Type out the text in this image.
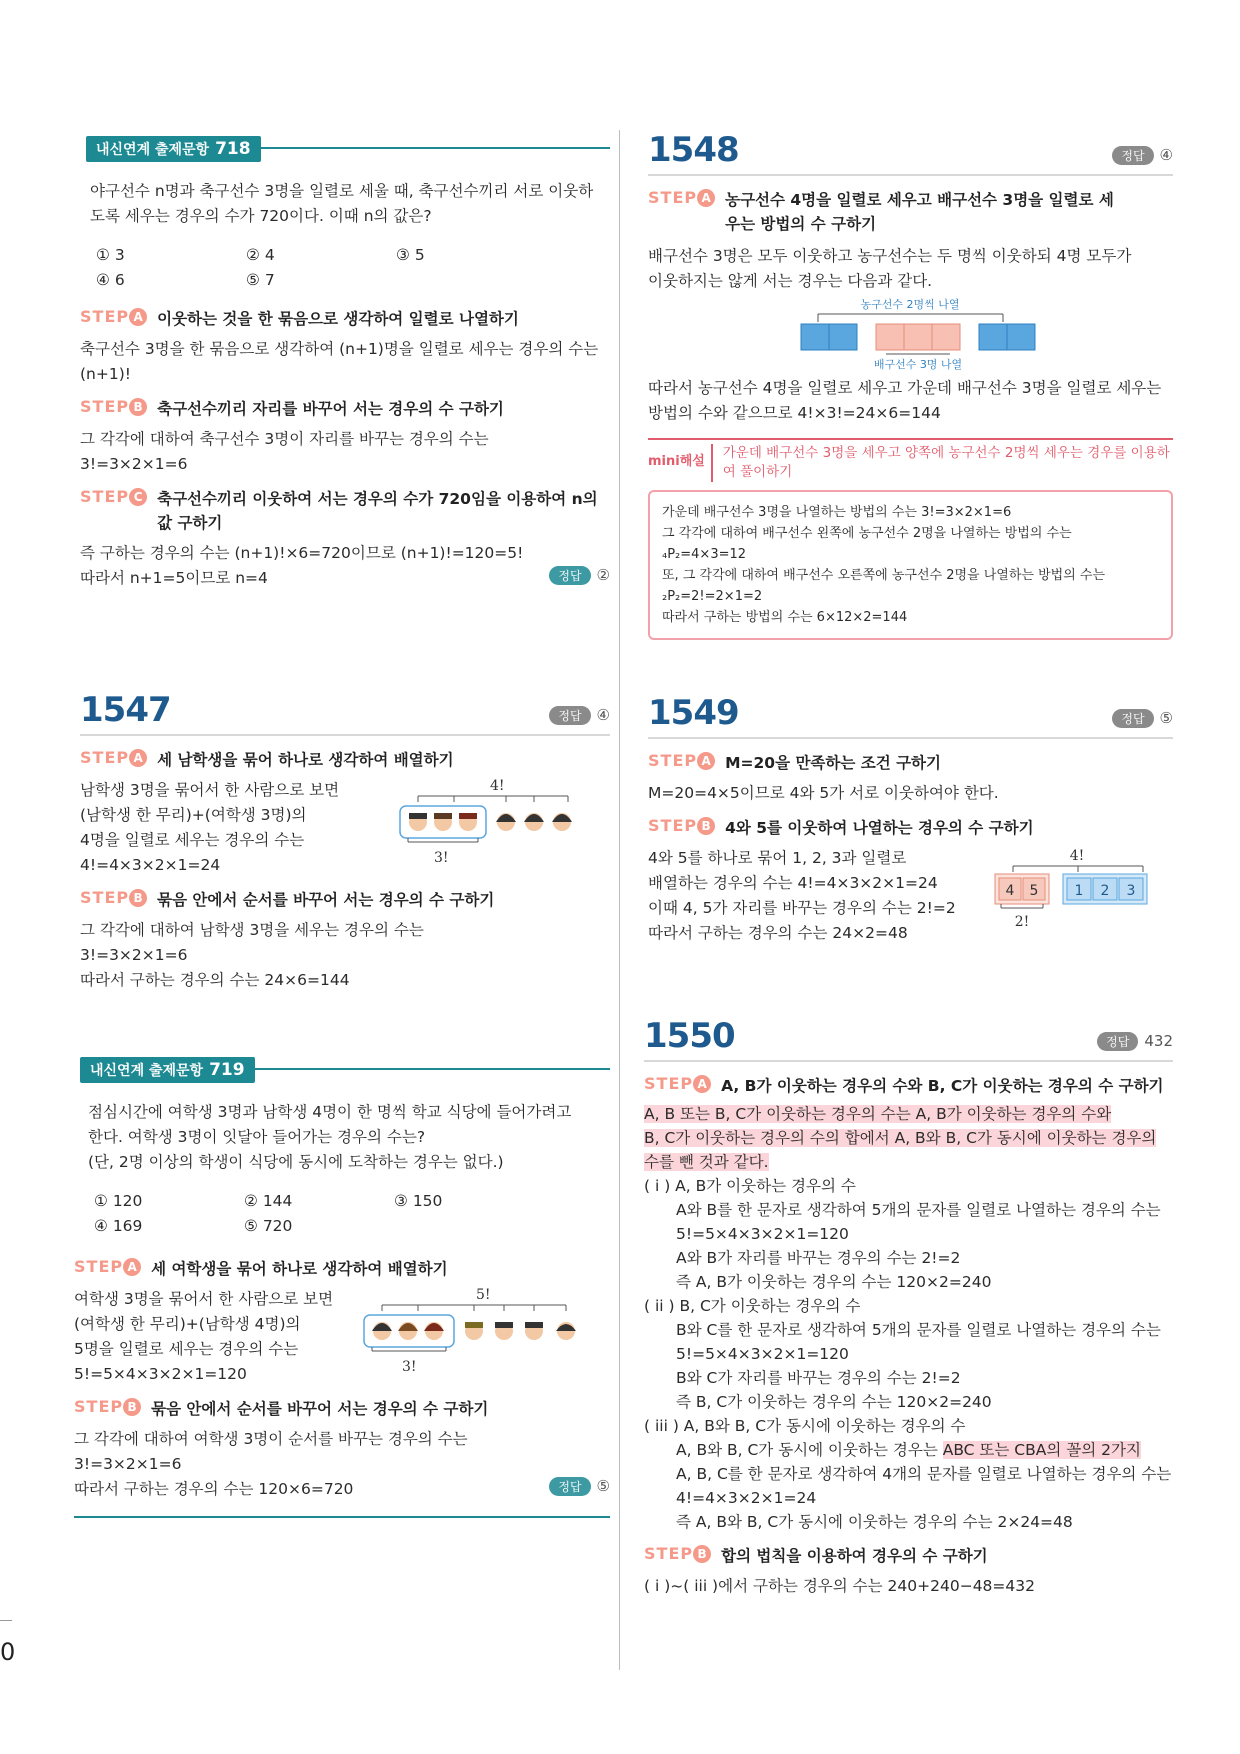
0
내신연계 출제문항 718

야구선수 n명과 축구선수 3명을 일렬로 세울 때, 축구선수끼리 서로 이웃하

도록 세우는 경우의 수가 720이다. 이때 n의 값은?

① 3	② 4	③ 5
④ 6	⑤ 7
STEP A 이웃하는 것을 한 묶음으로 생각하여 일렬로 나열하기

축구선수 3명을 한 묶음으로 생각하여 (n+1)명을 일렬로 세우는 경우의 수는

(n+1)!

STEP B 축구선수끼리 자리를 바꾸어 서는 경우의 수 구하기

그 각각에 대하여 축구선수 3명이 자리를 바꾸는 경우의 수는

3!=3×2×1=6

STEP C 축구선수끼리 이웃하여 서는 경우의 수가 720임을 이용하여 n의 값 구하기

즉 구하는 경우의 수는 (n+1)!×6=720이므로 (n+1)!=120=5!

따라서 n+1=5이므로 n=4	정답 ②
1547	정답 ④
STEP A 세 남학생을 묶어 하나로 생각하여 배열하기

남학생 3명을 묶어서 한 사람으로 보면

(남학생 한 무리)+(여학생 3명)의

4명을 일렬로 세우는 경우의 수는

4!=4×3×2×1=24

4!
3!
STEP B 묶음 안에서 순서를 바꾸어 서는 경우의 수 구하기

그 각각에 대하여 남학생 3명을 세우는 경우의 수는

3!=3×2×1=6

따라서 구하는 경우의 수는 24×6=144

내신연계 출제문항 719

점심시간에 여학생 3명과 남학생 4명이 한 명씩 학교 식당에 들어가려고

한다. 여학생 3명이 잇달아 들어가는 경우의 수는?

(단, 2명 이상의 학생이 식당에 동시에 도착하는 경우는 없다.)

① 120	② 144	③ 150
④ 169	⑤ 720
STEP A 세 여학생을 묶어 하나로 생각하여 배열하기

여학생 3명을 묶어서 한 사람으로 보면

(여학생 한 무리)+(남학생 4명)의

5명을 일렬로 세우는 경우의 수는

5!=5×4×3×2×1=120

5!
3!
STEP B 묶음 안에서 순서를 바꾸어 서는 경우의 수 구하기

그 각각에 대하여 여학생 3명이 순서를 바꾸는 경우의 수는

3!=3×2×1=6

따라서 구하는 경우의 수는 120×6=720	정답 ⑤
1548	정답 ④
STEP A 농구선수 4명을 일렬로 세우고 배구선수 3명을 일렬로 세우는 방법의 수 구하기

배구선수 3명은 모두 이웃하고 농구선수는 두 명씩 이웃하되 4명 모두가

이웃하지는 않게 서는 경우는 다음과 같다.

농구선수 2명씩 나열
배구선수 3명 나열

따라서 농구선수 4명을 일렬로 세우고 가운데 배구선수 3명을 일렬로 세우는

방법의 수와 같으므로 4!×3!=24×6=144

mini해설
가운데 배구선수 3명을 세우고 양쪽에 농구선수 2명씩 세우는 경우를 이용하여 풀이하기
가운데 배구선수 3명을 나열하는 방법의 수는 3!=3×2×1=6
그 각각에 대하여 배구선수 왼쪽에 농구선수 2명을 나열하는 방법의 수는
₄P₂=4×3=12
또, 그 각각에 대하여 배구선수 오른쪽에 농구선수 2명을 나열하는 방법의 수는
₂P₂=2!=2×1=2
따라서 구하는 방법의 수는 6×12×2=144
1549	정답 ⑤
STEP A M=20을 만족하는 조건 구하기

M=20=4×5이므로 4와 5가 서로 이웃하여야 한다.

STEP B 4와 5를 이웃하여 나열하는 경우의 수 구하기

4와 5를 하나로 묶어 1, 2, 3과 일렬로

배열하는 경우의 수는 4!=4×3×2×1=24

이때 4, 5가 자리를 바꾸는 경우의 수는 2!=2

따라서 구하는 경우의 수는 24×2=48

4!
4 5	1 2 3
2!
1550	정답 432
STEP A A, B가 이웃하는 경우의 수와 B, C가 이웃하는 경우의 수 구하기

A, B 또는 B, C가 이웃하는 경우의 수는 A, B가 이웃하는 경우의 수와

B, C가 이웃하는 경우의 수의 합에서 A, B와 B, C가 동시에 이웃하는 경우의

수를 뺀 것과 같다.

( i ) A, B가 이웃하는 경우의 수

A와 B를 한 문자로 생각하여 5개의 문자를 일렬로 나열하는 경우의 수는

5!=5×4×3×2×1=120

A와 B가 자리를 바꾸는 경우의 수는 2!=2

즉 A, B가 이웃하는 경우의 수는 120×2=240

( ii ) B, C가 이웃하는 경우의 수

B와 C를 한 문자로 생각하여 5개의 문자를 일렬로 나열하는 경우의 수는

5!=5×4×3×2×1=120

B와 C가 자리를 바꾸는 경우의 수는 2!=2

즉 B, C가 이웃하는 경우의 수는 120×2=240

( iii ) A, B와 B, C가 동시에 이웃하는 경우의 수

A, B와 B, C가 동시에 이웃하는 경우는 ABC 또는 CBA의 꼴의 2가지

A, B, C를 한 문자로 생각하여 4개의 문자를 일렬로 나열하는 경우의 수는

4!=4×3×2×1=24

즉 A, B와 B, C가 동시에 이웃하는 경우의 수는 2×24=48

STEP B 합의 법칙을 이용하여 경우의 수 구하기

( i )~( iii )에서 구하는 경우의 수는 240+240−48=432
